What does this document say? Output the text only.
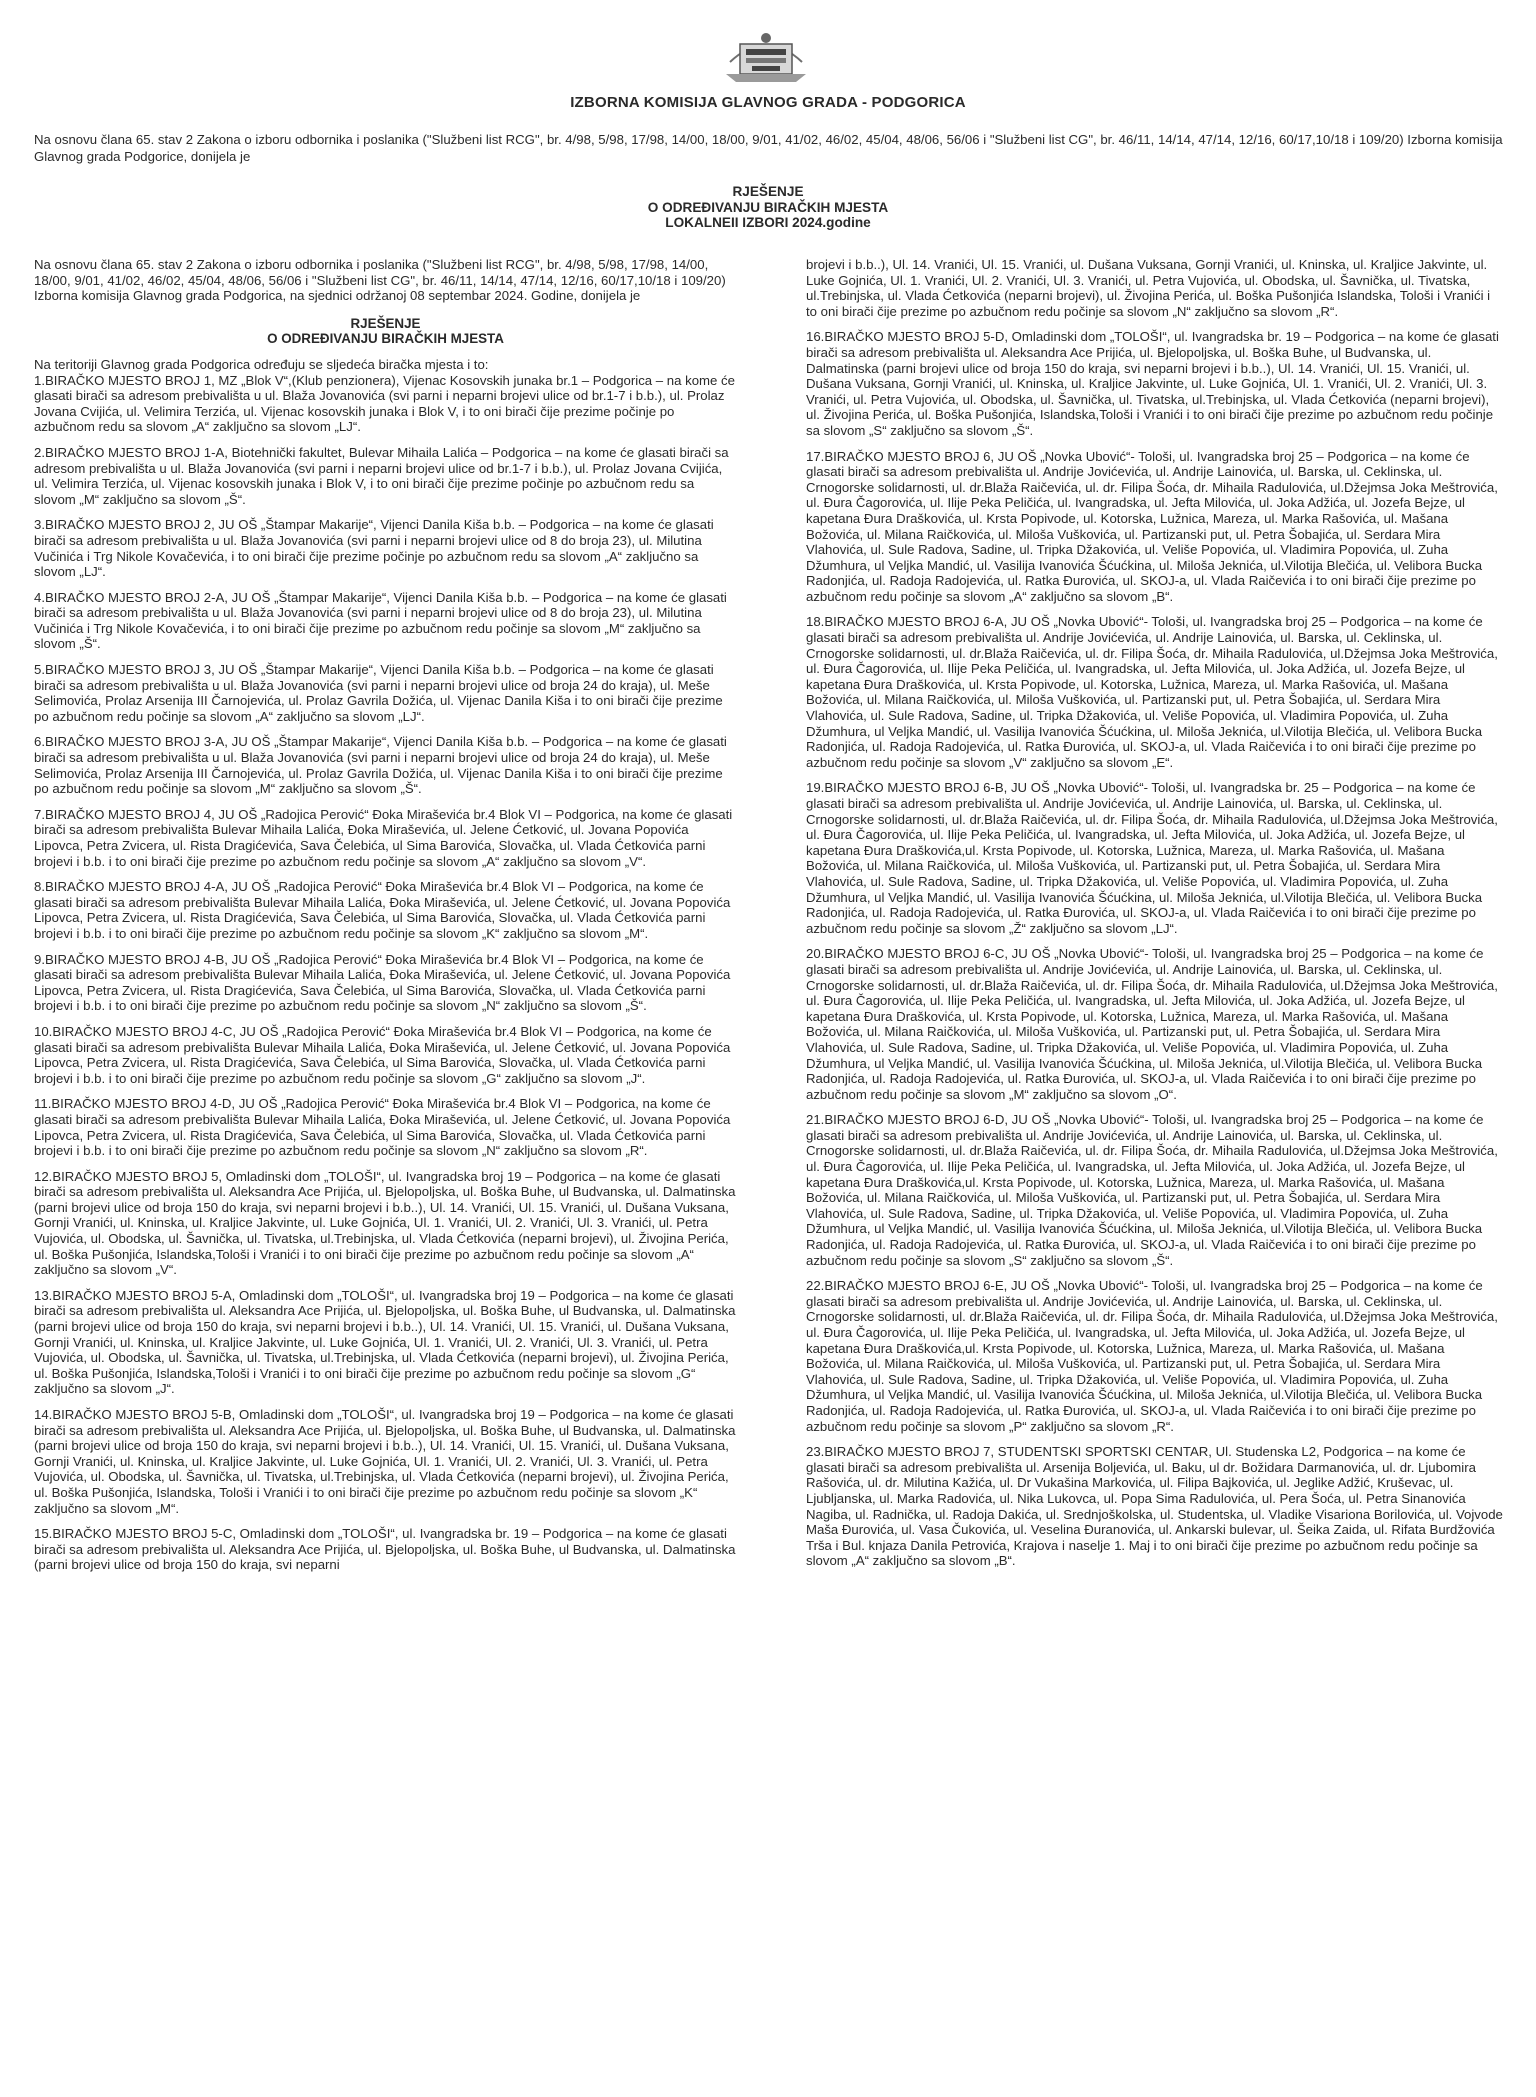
IZBORNA KOMISIJA GLAVNOG GRADA - PODGORICA
Na osnovu člana 65. stav 2 Zakona o izboru odbornika i poslanika ("Službeni list RCG", br. 4/98, 5/98, 17/98, 14/00, 18/00, 9/01, 41/02, 46/02, 45/04, 48/06, 56/06 i "Službeni list CG", br. 46/11, 14/14, 47/14, 12/16, 60/17,10/18 i 109/20) Izborna komisija Glavnog grada Podgorice, donijela je
RJEŠENJE
O ODREĐIVANJU BIRAČKIH MJESTA
LOKALNEII IZBORI 2024.godine

Na osnovu člana 65. stav 2 Zakona o izboru odbornika i poslanika ("Službeni list RCG", br. 4/98, 5/98, 17/98, 14/00, 18/00, 9/01, 41/02, 46/02, 45/04, 48/06, 56/06 i "Službeni list CG", br. 46/11, 14/14, 47/14, 12/16, 60/17,10/18 i 109/20) Izborna komisija Glavnog grada Podgorica, na sjednici održanoj 08 septembar 2024. Godine, donijela je

RJEŠENJE
O ODREĐIVANJU BIRAČKIH MJESTA

Na teritoriji Glavnog grada Podgorica određuju se sljedeća biračka mjesta i to:

1.BIRAČKO MJESTO BROJ 1, MZ „Blok V“,(Klub penzionera), Vijenac Kosovskih junaka br.1 – Podgorica – na kome će glasati birači sa adresom prebivališta u ul. Blaža Jovanovića (svi parni i neparni brojevi ulice od br.1-7 i b.b.), ul. Prolaz Jovana Cvijića, ul. Velimira Terzića, ul. Vijenac kosovskih junaka i Blok V, i to oni birači čije prezime počinje po azbučnom redu sa slovom „A“ zaključno sa slovom „LJ“.

2.BIRAČKO MJESTO BROJ 1-A, Biotehnički fakultet, Bulevar Mihaila Lalića – Podgorica – na kome će glasati birači sa adresom prebivališta u ul. Blaža Jovanovića (svi parni i neparni brojevi ulice od br.1-7 i b.b.), ul. Prolaz Jovana Cvijića, ul. Velimira Terzića, ul. Vijenac kosovskih junaka i Blok V, i to oni birači čije prezime počinje po azbučnom redu sa slovom „M“ zaključno sa slovom „Š“.

3.BIRAČKO MJESTO BROJ 2, JU OŠ „Štampar Makarije“, Vijenci Danila Kiša b.b. – Podgorica – na kome će glasati birači sa adresom prebivališta u ul. Blaža Jovanovića (svi parni i neparni brojevi ulice od 8 do broja 23), ul. Milutina Vučinića i Trg Nikole Kovačevića, i to oni birači čije prezime počinje po azbučnom redu sa slovom „A“ zaključno sa slovom „LJ“.

4.BIRAČKO MJESTO BROJ 2-A, JU OŠ „Štampar Makarije“, Vijenci Danila Kiša b.b. – Podgorica – na kome će glasati birači sa adresom prebivališta u ul. Blaža Jovanovića (svi parni i neparni brojevi ulice od 8 do broja 23), ul. Milutina Vučinića i Trg Nikole Kovačevića, i to oni birači čije prezime po azbučnom redu počinje sa slovom „M“ zaključno sa slovom „Š“.

5.BIRAČKO MJESTO BROJ 3, JU OŠ „Štampar Makarije“, Vijenci Danila Kiša b.b. – Podgorica – na kome će glasati birači sa adresom prebivališta u ul. Blaža Jovanovića (svi parni i neparni brojevi ulice od broja 24 do kraja), ul. Meše Selimovića, Prolaz Arsenija III Čarnojevića, ul. Prolaz Gavrila Dožića, ul. Vijenac Danila Kiša i to oni birači čije prezime po azbučnom redu počinje sa slovom „A“ zaključno sa slovom „LJ“.

6.BIRAČKO MJESTO BROJ 3-A, JU OŠ „Štampar Makarije“, Vijenci Danila Kiša b.b. – Podgorica – na kome će glasati birači sa adresom prebivališta u ul. Blaža Jovanovića (svi parni i neparni brojevi ulice od broja 24 do kraja), ul. Meše Selimovića, Prolaz Arsenija III Čarnojevića, ul. Prolaz Gavrila Dožića, ul. Vijenac Danila Kiša i to oni birači čije prezime po azbučnom redu počinje sa slovom „M“ zaključno sa slovom „Š“.

7.BIRAČKO MJESTO BROJ 4, JU OŠ „Radojica Perović“ Đoka Miraševića br.4 Blok VI – Podgorica, na kome će glasati birači sa adresom prebivališta Bulevar Mihaila Lalića, Đoka Miraševića, ul. Jelene Ćetković, ul. Jovana Popovića Lipovca, Petra Zvicera, ul. Rista Dragićevića, Sava Čelebića, ul Sima Barovića, Slovačka, ul. Vlada Ćetkovića parni brojevi i b.b. i to oni birači čije prezime po azbučnom redu počinje sa slovom „A“ zaključno sa slovom „V“.

8.BIRAČKO MJESTO BROJ 4-A, JU OŠ „Radojica Perović“ Đoka Miraševića br.4 Blok VI – Podgorica, na kome će glasati birači sa adresom prebivališta Bulevar Mihaila Lalića, Đoka Miraševića, ul. Jelene Ćetković, ul. Jovana Popovića Lipovca, Petra Zvicera, ul. Rista Dragićevića, Sava Čelebića, ul Sima Barovića, Slovačka, ul. Vlada Ćetkovića parni brojevi i b.b. i to oni birači čije prezime po azbučnom redu počinje sa slovom „K“ zaključno sa slovom „M“.

9.BIRAČKO MJESTO BROJ 4-B, JU OŠ „Radojica Perović“ Đoka Miraševića br.4 Blok VI – Podgorica, na kome će glasati birači sa adresom prebivališta Bulevar Mihaila Lalića, Đoka Miraševića, ul. Jelene Ćetković, ul. Jovana Popovića Lipovca, Petra Zvicera, ul. Rista Dragićevića, Sava Čelebića, ul Sima Barovića, Slovačka, ul. Vlada Ćetkovića parni brojevi i b.b. i to oni birači čije prezime po azbučnom redu počinje sa slovom „N“ zaključno sa slovom „Š“.

10.BIRAČKO MJESTO BROJ 4-C, JU OŠ „Radojica Perović“ Đoka Miraševića br.4 Blok VI – Podgorica, na kome će glasati birači sa adresom prebivališta Bulevar Mihaila Lalića, Đoka Miraševića, ul. Jelene Ćetković, ul. Jovana Popovića Lipovca, Petra Zvicera, ul. Rista Dragićevića, Sava Čelebića, ul Sima Barovića, Slovačka, ul. Vlada Ćetkovića parni brojevi i b.b. i to oni birači čije prezime po azbučnom redu počinje sa slovom „G“ zaključno sa slovom „J“.

11.BIRAČKO MJESTO BROJ 4-D, JU OŠ „Radojica Perović“ Đoka Miraševića br.4 Blok VI – Podgorica, na kome će glasati birači sa adresom prebivališta Bulevar Mihaila Lalića, Đoka Miraševića, ul. Jelene Ćetković, ul. Jovana Popovića Lipovca, Petra Zvicera, ul. Rista Dragićevića, Sava Čelebića, ul Sima Barovića, Slovačka, ul. Vlada Ćetkovića parni brojevi i b.b. i to oni birači čije prezime po azbučnom redu počinje sa slovom „N“ zaključno sa slovom „R“.

12.BIRAČKO MJESTO BROJ 5, Omladinski dom „TOLOŠI“, ul. Ivangradska broj 19 – Podgorica – na kome će glasati birači sa adresom prebivališta ul. Aleksandra Ace Prijića, ul. Bjelopoljska, ul. Boška Buhe, ul Budvanska, ul. Dalmatinska (parni brojevi ulice od broja 150 do kraja, svi neparni brojevi i b.b..), Ul. 14. Vranići, Ul. 15. Vranići, ul. Dušana Vuksana, Gornji Vranići, ul. Kninska, ul. Kraljice Jakvinte, ul. Luke Gojnića, Ul. 1. Vranići, Ul. 2. Vranići, Ul. 3. Vranići, ul. Petra Vujovića, ul. Obodska, ul. Šavnička, ul. Tivatska, ul.Trebinjska, ul. Vlada Ćetkovića (neparni brojevi), ul. Živojina Perića, ul. Boška Pušonjića, Islandska,Tološi i Vranići i to oni birači čije prezime po azbučnom redu počinje sa slovom „A“ zaključno sa slovom „V“.

13.BIRAČKO MJESTO BROJ 5-A, Omladinski dom „TOLOŠI“, ul. Ivangradska broj 19 – Podgorica – na kome će glasati birači sa adresom prebivališta ul. Aleksandra Ace Prijića, ul. Bjelopoljska, ul. Boška Buhe, ul Budvanska, ul. Dalmatinska (parni brojevi ulice od broja 150 do kraja, svi neparni brojevi i b.b..), Ul. 14. Vranići, Ul. 15. Vranići, ul. Dušana Vuksana, Gornji Vranići, ul. Kninska, ul. Kraljice Jakvinte, ul. Luke Gojnića, Ul. 1. Vranići, Ul. 2. Vranići, Ul. 3. Vranići, ul. Petra Vujovića, ul. Obodska, ul. Šavnička, ul. Tivatska, ul.Trebinjska, ul. Vlada Ćetkovića (neparni brojevi), ul. Živojina Perića, ul. Boška Pušonjića, Islandska,Tološi i Vranići i to oni birači čije prezime po azbučnom redu počinje sa slovom „G“ zaključno sa slovom „J“.

14.BIRAČKO MJESTO BROJ 5-B, Omladinski dom „TOLOŠI“, ul. Ivangradska broj 19 – Podgorica – na kome će glasati birači sa adresom prebivališta ul. Aleksandra Ace Prijića, ul. Bjelopoljska, ul. Boška Buhe, ul Budvanska, ul. Dalmatinska (parni brojevi ulice od broja 150 do kraja, svi neparni brojevi i b.b..), Ul. 14. Vranići, Ul. 15. Vranići, ul. Dušana Vuksana, Gornji Vranići, ul. Kninska, ul. Kraljice Jakvinte, ul. Luke Gojnića, Ul. 1. Vranići, Ul. 2. Vranići, Ul. 3. Vranići, ul. Petra Vujovića, ul. Obodska, ul. Šavnička, ul. Tivatska, ul.Trebinjska, ul. Vlada Ćetkovića (neparni brojevi), ul. Živojina Perića, ul. Boška Pušonjića, Islandska, Tološi i Vranići i to oni birači čije prezime po azbučnom redu počinje sa slovom „K“ zaključno sa slovom „M“.

15.BIRAČKO MJESTO BROJ 5-C, Omladinski dom „TOLOŠI“, ul. Ivangradska br. 19 – Podgorica – na kome će glasati birači sa adresom prebivališta ul. Aleksandra Ace Prijića, ul. Bjelopoljska, ul. Boška Buhe, ul Budvanska, ul. Dalmatinska (parni brojevi ulice od broja 150 do kraja, svi neparni

brojevi i b.b..), Ul. 14. Vranići, Ul. 15. Vranići, ul. Dušana Vuksana, Gornji Vranići, ul. Kninska, ul. Kraljice Jakvinte, ul. Luke Gojnića, Ul. 1. Vranići, Ul. 2. Vranići, Ul. 3. Vranići, ul. Petra Vujovića, ul. Obodska, ul. Šavnička, ul. Tivatska, ul.Trebinjska, ul. Vlada Ćetkovića (neparni brojevi), ul. Živojina Perića, ul. Boška Pušonjića Islandska, Tološi i Vranići i to oni birači čije prezime po azbučnom redu počinje sa slovom „N“ zaključno sa slovom „R“.

16.BIRAČKO MJESTO BROJ 5-D, Omladinski dom „TOLOŠI“, ul. Ivangradska br. 19 – Podgorica – na kome će glasati birači sa adresom prebivališta ul. Aleksandra Ace Prijića, ul. Bjelopoljska, ul. Boška Buhe, ul Budvanska, ul. Dalmatinska (parni brojevi ulice od broja 150 do kraja, svi neparni brojevi i b.b..), Ul. 14. Vranići, Ul. 15. Vranići, ul. Dušana Vuksana, Gornji Vranići, ul. Kninska, ul. Kraljice Jakvinte, ul. Luke Gojnića, Ul. 1. Vranići, Ul. 2. Vranići, Ul. 3. Vranići, ul. Petra Vujovića, ul. Obodska, ul. Šavnička, ul. Tivatska, ul.Trebinjska, ul. Vlada Ćetkovića (neparni brojevi), ul. Živojina Perića, ul. Boška Pušonjića, Islandska,Tološi i Vranići i to oni birači čije prezime po azbučnom redu počinje sa slovom „S“ zaključno sa slovom „Š“.

17.BIRAČKO MJESTO BROJ 6, JU OŠ „Novka Ubović“- Tološi, ul. Ivangradska broj 25 – Podgorica – na kome će glasati birači sa adresom prebivališta ul. Andrije Jovićevića, ul. Andrije Lainovića, ul. Barska, ul. Ceklinska, ul. Crnogorske solidarnosti, ul. dr.Blaža Raičevića, ul. dr. Filipa Šoća, dr. Mihaila Radulovića, ul.Džejmsa Joka Meštrovića, ul. Đura Čagorovića, ul. Ilije Peka Peličića, ul. Ivangradska, ul. Jefta Milovića, ul. Joka Adžića, ul. Jozefa Bejze, ul kapetana Đura Draškovića, ul. Krsta Popivode, ul. Kotorska, Lužnica, Mareza, ul. Marka Rašovića, ul. Mašana Božovića, ul. Milana Raičkovića, ul. Miloša Vuškovića, ul. Partizanski put, ul. Petra Šobajića, ul. Serdara Mira Vlahovića, ul. Sule Radova, Sadine, ul. Tripka Džakovića, ul. Veliše Popovića, ul. Vladimira Popovića, ul. Zuha Džumhura, ul Veljka Mandić, ul. Vasilija Ivanovića Šćućkina, ul. Miloša Jeknića, ul.Vilotija Blečića, ul. Velibora Bucka Radonjića, ul. Radoja Radojevića, ul. Ratka Đurovića, ul. SKOJ-a, ul. Vlada Raičevića i to oni birači čije prezime po azbučnom redu počinje sa slovom „A“ zaključno sa slovom „B“.

18.BIRAČKO MJESTO BROJ 6-A, JU OŠ „Novka Ubović“- Tološi, ul. Ivangradska broj 25 – Podgorica – na kome će glasati birači sa adresom prebivališta ul. Andrije Jovićevića, ul. Andrije Lainovića, ul. Barska, ul. Ceklinska, ul. Crnogorske solidarnosti, ul. dr.Blaža Raičevića, ul. dr. Filipa Šoća, dr. Mihaila Radulovića, ul.Džejmsa Joka Meštrovića, ul. Đura Čagorovića, ul. Ilije Peka Peličića, ul. Ivangradska, ul. Jefta Milovića, ul. Joka Adžića, ul. Jozefa Bejze, ul kapetana Đura Draškovića, ul. Krsta Popivode, ul. Kotorska, Lužnica, Mareza, ul. Marka Rašovića, ul. Mašana Božovića, ul. Milana Raičkovića, ul. Miloša Vuškovića, ul. Partizanski put, ul. Petra Šobajića, ul. Serdara Mira Vlahovića, ul. Sule Radova, Sadine, ul. Tripka Džakovića, ul. Veliše Popovića, ul. Vladimira Popovića, ul. Zuha Džumhura, ul Veljka Mandić, ul. Vasilija Ivanovića Šćućkina, ul. Miloša Jeknića, ul.Vilotija Blečića, ul. Velibora Bucka Radonjića, ul. Radoja Radojevića, ul. Ratka Đurovića, ul. SKOJ-a, ul. Vlada Raičevića i to oni birači čije prezime po azbučnom redu počinje sa slovom „V“ zaključno sa slovom „E“.

19.BIRAČKO MJESTO BROJ 6-B, JU OŠ „Novka Ubović“- Tološi, ul. Ivangradska br. 25 – Podgorica – na kome će glasati birači sa adresom prebivališta ul. Andrije Jovićevića, ul. Andrije Lainovića, ul. Barska, ul. Ceklinska, ul. Crnogorske solidarnosti, ul. dr.Blaža Raičevića, ul. dr. Filipa Šoća, dr. Mihaila Radulovića, ul.Džejmsa Joka Meštrovića, ul. Đura Čagorovića, ul. Ilije Peka Peličića, ul. Ivangradska, ul. Jefta Milovića, ul. Joka Adžića, ul. Jozefa Bejze, ul kapetana Đura Draškovića,ul. Krsta Popivode, ul. Kotorska, Lužnica, Mareza, ul. Marka Rašovića, ul. Mašana Božovića, ul. Milana Raičkovića, ul. Miloša Vuškovića, ul. Partizanski put, ul. Petra Šobajića, ul. Serdara Mira Vlahovića, ul. Sule Radova, Sadine, ul. Tripka Džakovića, ul. Veliše Popovića, ul. Vladimira Popovića, ul. Zuha Džumhura, ul Veljka Mandić, ul. Vasilija Ivanovića Šćućkina, ul. Miloša Jeknića, ul.Vilotija Blečića, ul. Velibora Bucka Radonjića, ul. Radoja Radojevića, ul. Ratka Đurovića, ul. SKOJ-a, ul. Vlada Raičevića i to oni birači čije prezime po azbučnom redu počinje sa slovom „Ž“ zaključno sa slovom „LJ“.

20.BIRAČKO MJESTO BROJ 6-C, JU OŠ „Novka Ubović“- Tološi, ul. Ivangradska broj 25 – Podgorica – na kome će glasati birači sa adresom prebivališta ul. Andrije Jovićevića, ul. Andrije Lainovića, ul. Barska, ul. Ceklinska, ul. Crnogorske solidarnosti, ul. dr.Blaža Raičevića, ul. dr. Filipa Šoća, dr. Mihaila Radulovića, ul.Džejmsa Joka Meštrovića, ul. Đura Čagorovića, ul. Ilije Peka Peličića, ul. Ivangradska, ul. Jefta Milovića, ul. Joka Adžića, ul. Jozefa Bejze, ul kapetana Đura Draškovića, ul. Krsta Popivode, ul. Kotorska, Lužnica, Mareza, ul. Marka Rašovića, ul. Mašana Božovića, ul. Milana Raičkovića, ul. Miloša Vuškovića, ul. Partizanski put, ul. Petra Šobajića, ul. Serdara Mira Vlahovića, ul. Sule Radova, Sadine, ul. Tripka Džakovića, ul. Veliše Popovića, ul. Vladimira Popovića, ul. Zuha Džumhura, ul Veljka Mandić, ul. Vasilija Ivanovića Šćućkina, ul. Miloša Jeknića, ul.Vilotija Blečića, ul. Velibora Bucka Radonjića, ul. Radoja Radojevića, ul. Ratka Đurovića, ul. SKOJ-a, ul. Vlada Raičevića i to oni birači čije prezime po azbučnom redu počinje sa slovom „M“ zaključno sa slovom „O“.

21.BIRAČKO MJESTO BROJ 6-D, JU OŠ „Novka Ubović“- Tološi, ul. Ivangradska broj 25 – Podgorica – na kome će glasati birači sa adresom prebivališta ul. Andrije Jovićevića, ul. Andrije Lainovića, ul. Barska, ul. Ceklinska, ul. Crnogorske solidarnosti, ul. dr.Blaža Raičevića, ul. dr. Filipa Šoća, dr. Mihaila Radulovića, ul.Džejmsa Joka Meštrovića, ul. Đura Čagorovića, ul. Ilije Peka Peličića, ul. Ivangradska, ul. Jefta Milovića, ul. Joka Adžića, ul. Jozefa Bejze, ul kapetana Đura Draškovića,ul. Krsta Popivode, ul. Kotorska, Lužnica, Mareza, ul. Marka Rašovića, ul. Mašana Božovića, ul. Milana Raičkovića, ul. Miloša Vuškovića, ul. Partizanski put, ul. Petra Šobajića, ul. Serdara Mira Vlahovića, ul. Sule Radova, Sadine, ul. Tripka Džakovića, ul. Veliše Popovića, ul. Vladimira Popovića, ul. Zuha Džumhura, ul Veljka Mandić, ul. Vasilija Ivanovića Šćućkina, ul. Miloša Jeknića, ul.Vilotija Blečića, ul. Velibora Bucka Radonjića, ul. Radoja Radojevića, ul. Ratka Đurovića, ul. SKOJ-a, ul. Vlada Raičevića i to oni birači čije prezime po azbučnom redu počinje sa slovom „S“ zaključno sa slovom „Š“.

22.BIRAČKO MJESTO BROJ 6-E, JU OŠ „Novka Ubović“- Tološi, ul. Ivangradska broj 25 – Podgorica – na kome će glasati birači sa adresom prebivališta ul. Andrije Jovićevića, ul. Andrije Lainovića, ul. Barska, ul. Ceklinska, ul. Crnogorske solidarnosti, ul. dr.Blaža Raičevića, ul. dr. Filipa Šoća, dr. Mihaila Radulovića, ul.Džejmsa Joka Meštrovića, ul. Đura Čagorovića, ul. Ilije Peka Peličića, ul. Ivangradska, ul. Jefta Milovića, ul. Joka Adžića, ul. Jozefa Bejze, ul kapetana Đura Draškovića,ul. Krsta Popivode, ul. Kotorska, Lužnica, Mareza, ul. Marka Rašovića, ul. Mašana Božovića, ul. Milana Raičkovića, ul. Miloša Vuškovića, ul. Partizanski put, ul. Petra Šobajića, ul. Serdara Mira Vlahovića, ul. Sule Radova, Sadine, ul. Tripka Džakovića, ul. Veliše Popovića, ul. Vladimira Popovića, ul. Zuha Džumhura, ul Veljka Mandić, ul. Vasilija Ivanovića Šćućkina, ul. Miloša Jeknića, ul.Vilotija Blečića, ul. Velibora Bucka Radonjića, ul. Radoja Radojevića, ul. Ratka Đurovića, ul. SKOJ-a, ul. Vlada Raičevića i to oni birači čije prezime po azbučnom redu počinje sa slovom „P“ zaključno sa slovom „R“.

23.BIRAČKO MJESTO BROJ 7, STUDENTSKI SPORTSKI CENTAR, Ul. Studenska L2, Podgorica – na kome će glasati birači sa adresom prebivališta ul. Arsenija Boljevića, ul. Baku, ul dr. Božidara Darmanovića, ul. dr. Ljubomira Rašovića, ul. dr. Milutina Kažića, ul. Dr Vukašina Markovića, ul. Filipa Bajkovića, ul. Jeglike Adžić, Kruševac, ul. Ljubljanska, ul. Marka Radovića, ul. Nika Lukovca, ul. Popa Sima Radulovića, ul. Pera Šoća, ul. Petra Sinanovića Nagiba, ul. Radnička, ul. Radoja Dakića, ul. Srednjoškolska, ul. Studentska, ul. Vladike Visariona Borilovića, ul. Vojvode Maša Đurovića, ul. Vasa Čukovića, ul. Veselina Đuranovića, ul. Ankarski bulevar, ul. Šeika Zaida, ul. Rifata Burdžovića Trša i Bul. knjaza Danila Petrovića, Krajova i naselje 1. Maj i to oni birači čije prezime po azbučnom redu počinje sa slovom „A“ zaključno sa slovom „B“.
